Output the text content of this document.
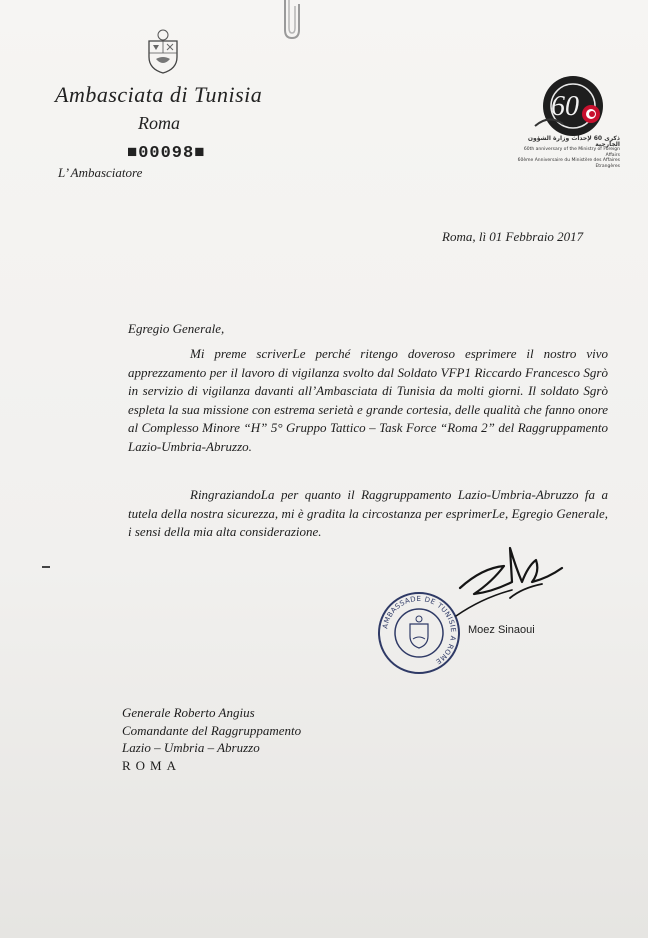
Ambasciata di Tunisia
Roma
■00098■
L’ Ambasciatore
60
ذكرى 60 لإحداث وزارة الشؤون الخارجية
60th anniversary of the Ministry of Foreign Affairs
60ème Anniversaire du Ministère des Affaires Etrangères
Roma, lì 01 Febbraio 2017
Egregio Generale,
Mi preme scriverLe perché ritengo doveroso esprimere il nostro vivo apprezzamento per il lavoro di vigilanza svolto dal Soldato VFP1 Riccardo Francesco Sgrò in servizio di vigilanza davanti all’Ambasciata di Tunisia da molti giorni. Il soldato Sgrò espleta la sua missione con estrema serietà e grande cortesia, delle qualità che fanno onore al Complesso Minore “H” 5° Gruppo Tattico – Task Force “Roma 2” del Raggruppamento Lazio-Umbria-Abruzzo.
RingraziandoLa per quanto il Raggruppamento Lazio-Umbria-Abruzzo fa a tutela della nostra sicurezza, mi è gradita la circostanza per esprimerLe, Egregio Generale, i sensi della mia alta considerazione.
AMBASSADE DE TUNISIE A ROME
Moez Sinaoui
Generale Roberto Angius
Comandante del Raggruppamento
Lazio – Umbria – Abruzzo
ROMA
